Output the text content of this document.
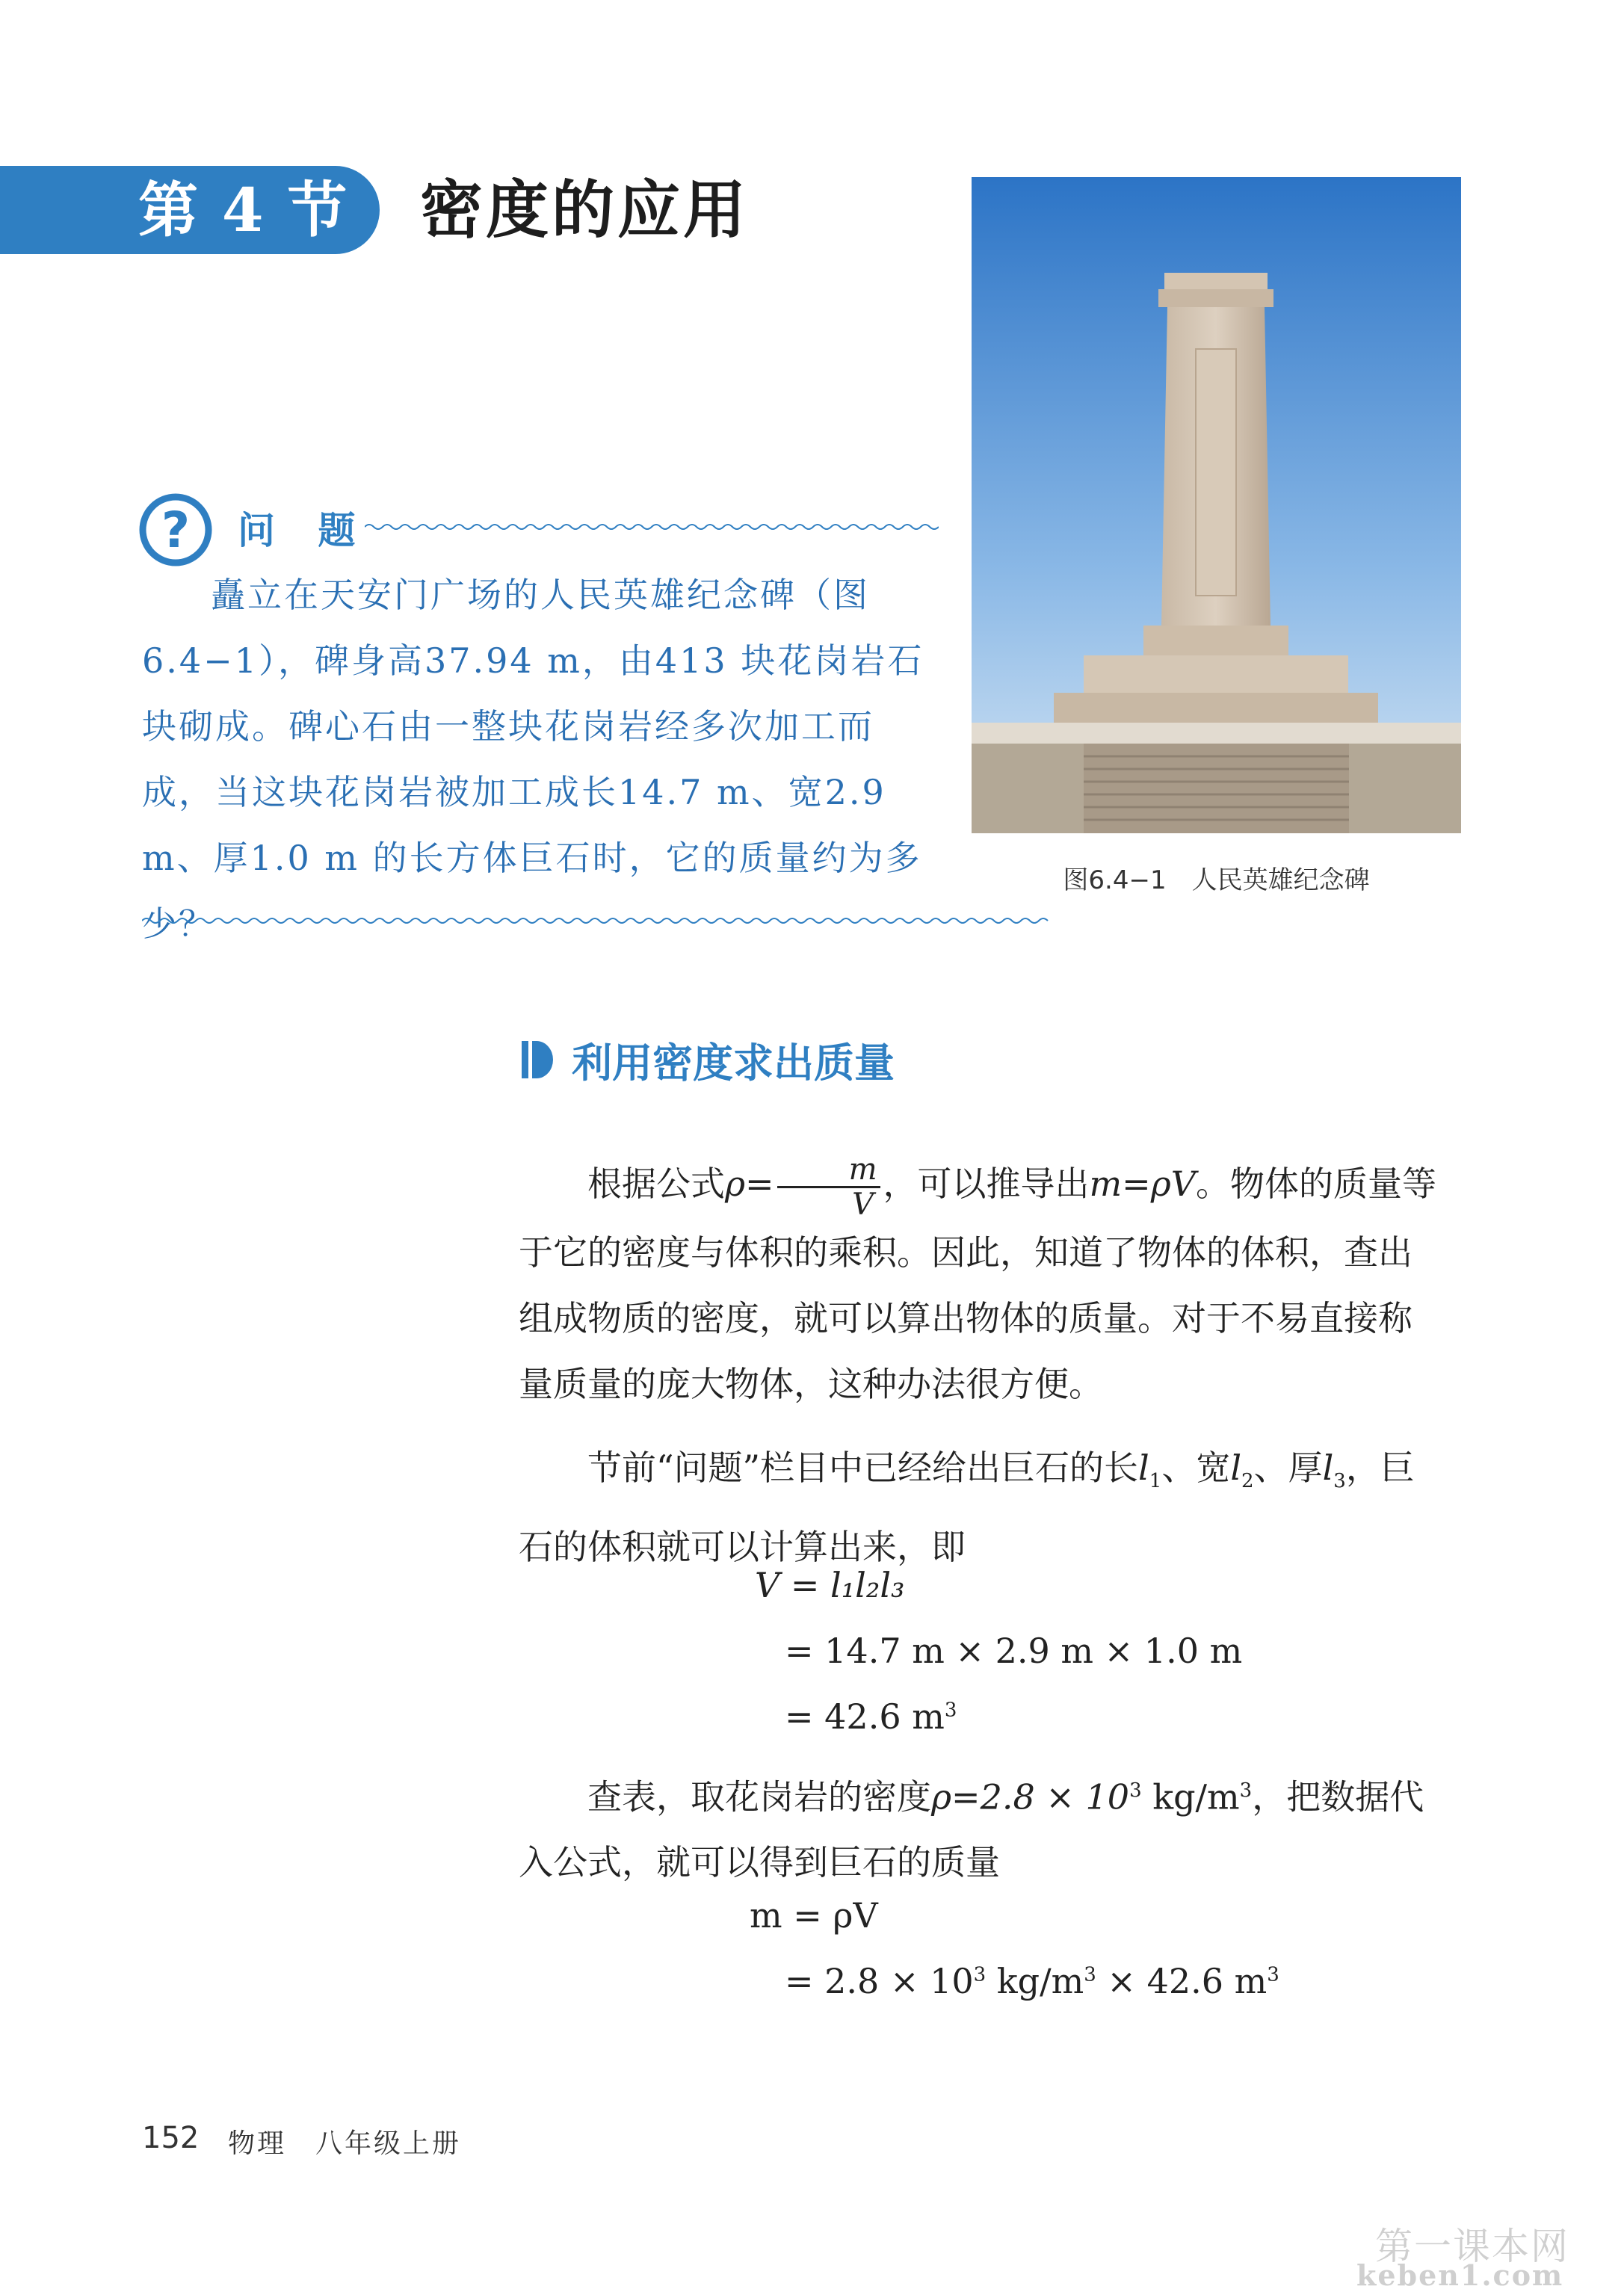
第 4 节 密度的应用
图6.4−1　人民英雄纪念碑
? 问 题

矗立在天安门广场的人民英雄纪念碑（图6.4−1），碑身高37.94 m，由413 块花岗岩石块砌成。碑心石由一整块花岗岩经多次加工而成，当这块花岗岩被加工成长14.7 m、宽2.9 m、厚1.0 m 的长方体巨石时，它的质量约为多少？

利用密度求出质量

根据公式$\rho= \frac{m}{V}$ ，可以推导出m=ρV。物体的质量等于它的密度与体积的乘积。因此，知道了物体的体积，查出组成物质的密度，就可以算出物体的质量。对于不易直接称量质量的庞大物体，这种办法很方便。

节前“问题”栏目中已经给出巨石的长$l_1$、宽$l_2$、厚$l_3$，巨石的体积就可以计算出来，即

V = l₁l₂l₃
= 14.7 m × 2.9 m × 1.0 m
= 42.6 $m^3$

查表，取花岗岩的密度$\rho=2.8 \times 10^3$ $kg/m^3$，把数据代入公式，就可以得到巨石的质量

m = ρV
= $2.8 \times 10^3$ $kg/m^3 \times 42.6$ $m^3$
152 物理　八年级上册
第一课本网
keben1.com
